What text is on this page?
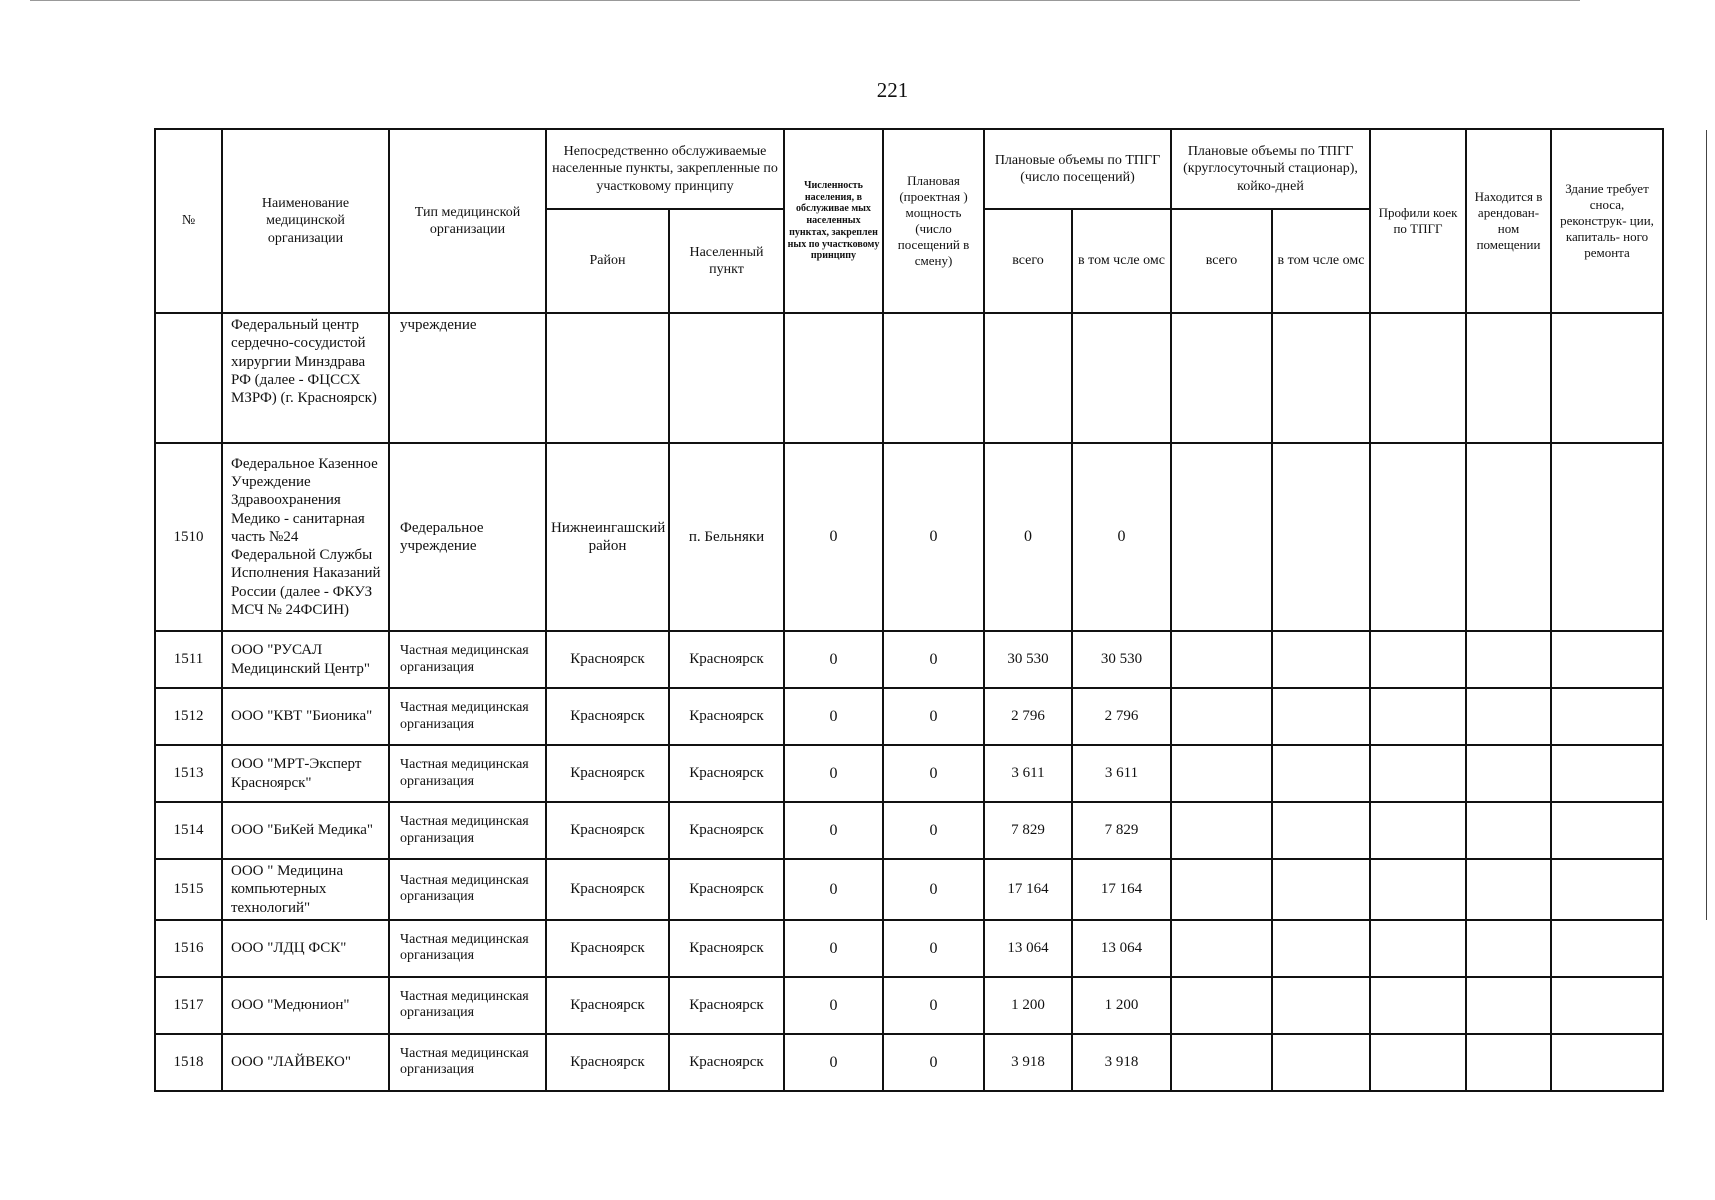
221
№	Наименование медицинской организации	Тип медицинской организации	Непосредственно обслуживаемые населенные пункты, закрепленные по участковому принципу		Численность населения, в обслуживае мых населенных пунктах, закреплен ных по участковому принципу	Плановая (проектная ) мощность (число посещений в смену)	Плановые объемы по ТПГГ (число посещений)		Плановые объемы по ТПГГ (круглосуточный стационар), койко-дней		Профили коек по ТПГГ	Находится в арендован- ном помещении	Здание требует сноса, реконструк- ции, капиталь- ного ремонта
			Район	Населенный пункт			всего	в том чсле омс	всего	в том чсле омс			
	Федеральный центр сердечно-сосудистой хирургии Минздрава РФ (далее - ФЦССХ МЗРФ) (г. Красноярск)	учреждение											
1510	Федеральное Казенное Учреждение Здравоохранения Медико - санитарная часть №24 Федеральной Службы Исполнения Наказаний России (далее - ФКУЗ МСЧ № 24ФСИН)	Федеральное учреждение	Нижнеингашский район	п. Бельняки	0	0	0	0					
1511	ООО "РУСАЛ Медицинский Центр"	Частная медицинская организация	Красноярск	Красноярск	0	0	30 530	30 530					
1512	ООО "КВТ "Бионика"	Частная медицинская организация	Красноярск	Красноярск	0	0	2 796	2 796					
1513	ООО "МРТ-Эксперт Красноярск"	Частная медицинская организация	Красноярск	Красноярск	0	0	3 611	3 611					
1514	ООО "БиКей Медика"	Частная медицинская организация	Красноярск	Красноярск	0	0	7 829	7 829					
1515	ООО " Медицина компьютерных технологий"	Частная медицинская организация	Красноярск	Красноярск	0	0	17 164	17 164					
1516	ООО "ЛДЦ ФСК"	Частная медицинская организация	Красноярск	Красноярск	0	0	13 064	13 064					
1517	ООО "Медюнион"	Частная медицинская организация	Красноярск	Красноярск	0	0	1 200	1 200					
1518	ООО "ЛАЙВЕКО"	Частная медицинская организация	Красноярск	Красноярск	0	0	3 918	3 918					
